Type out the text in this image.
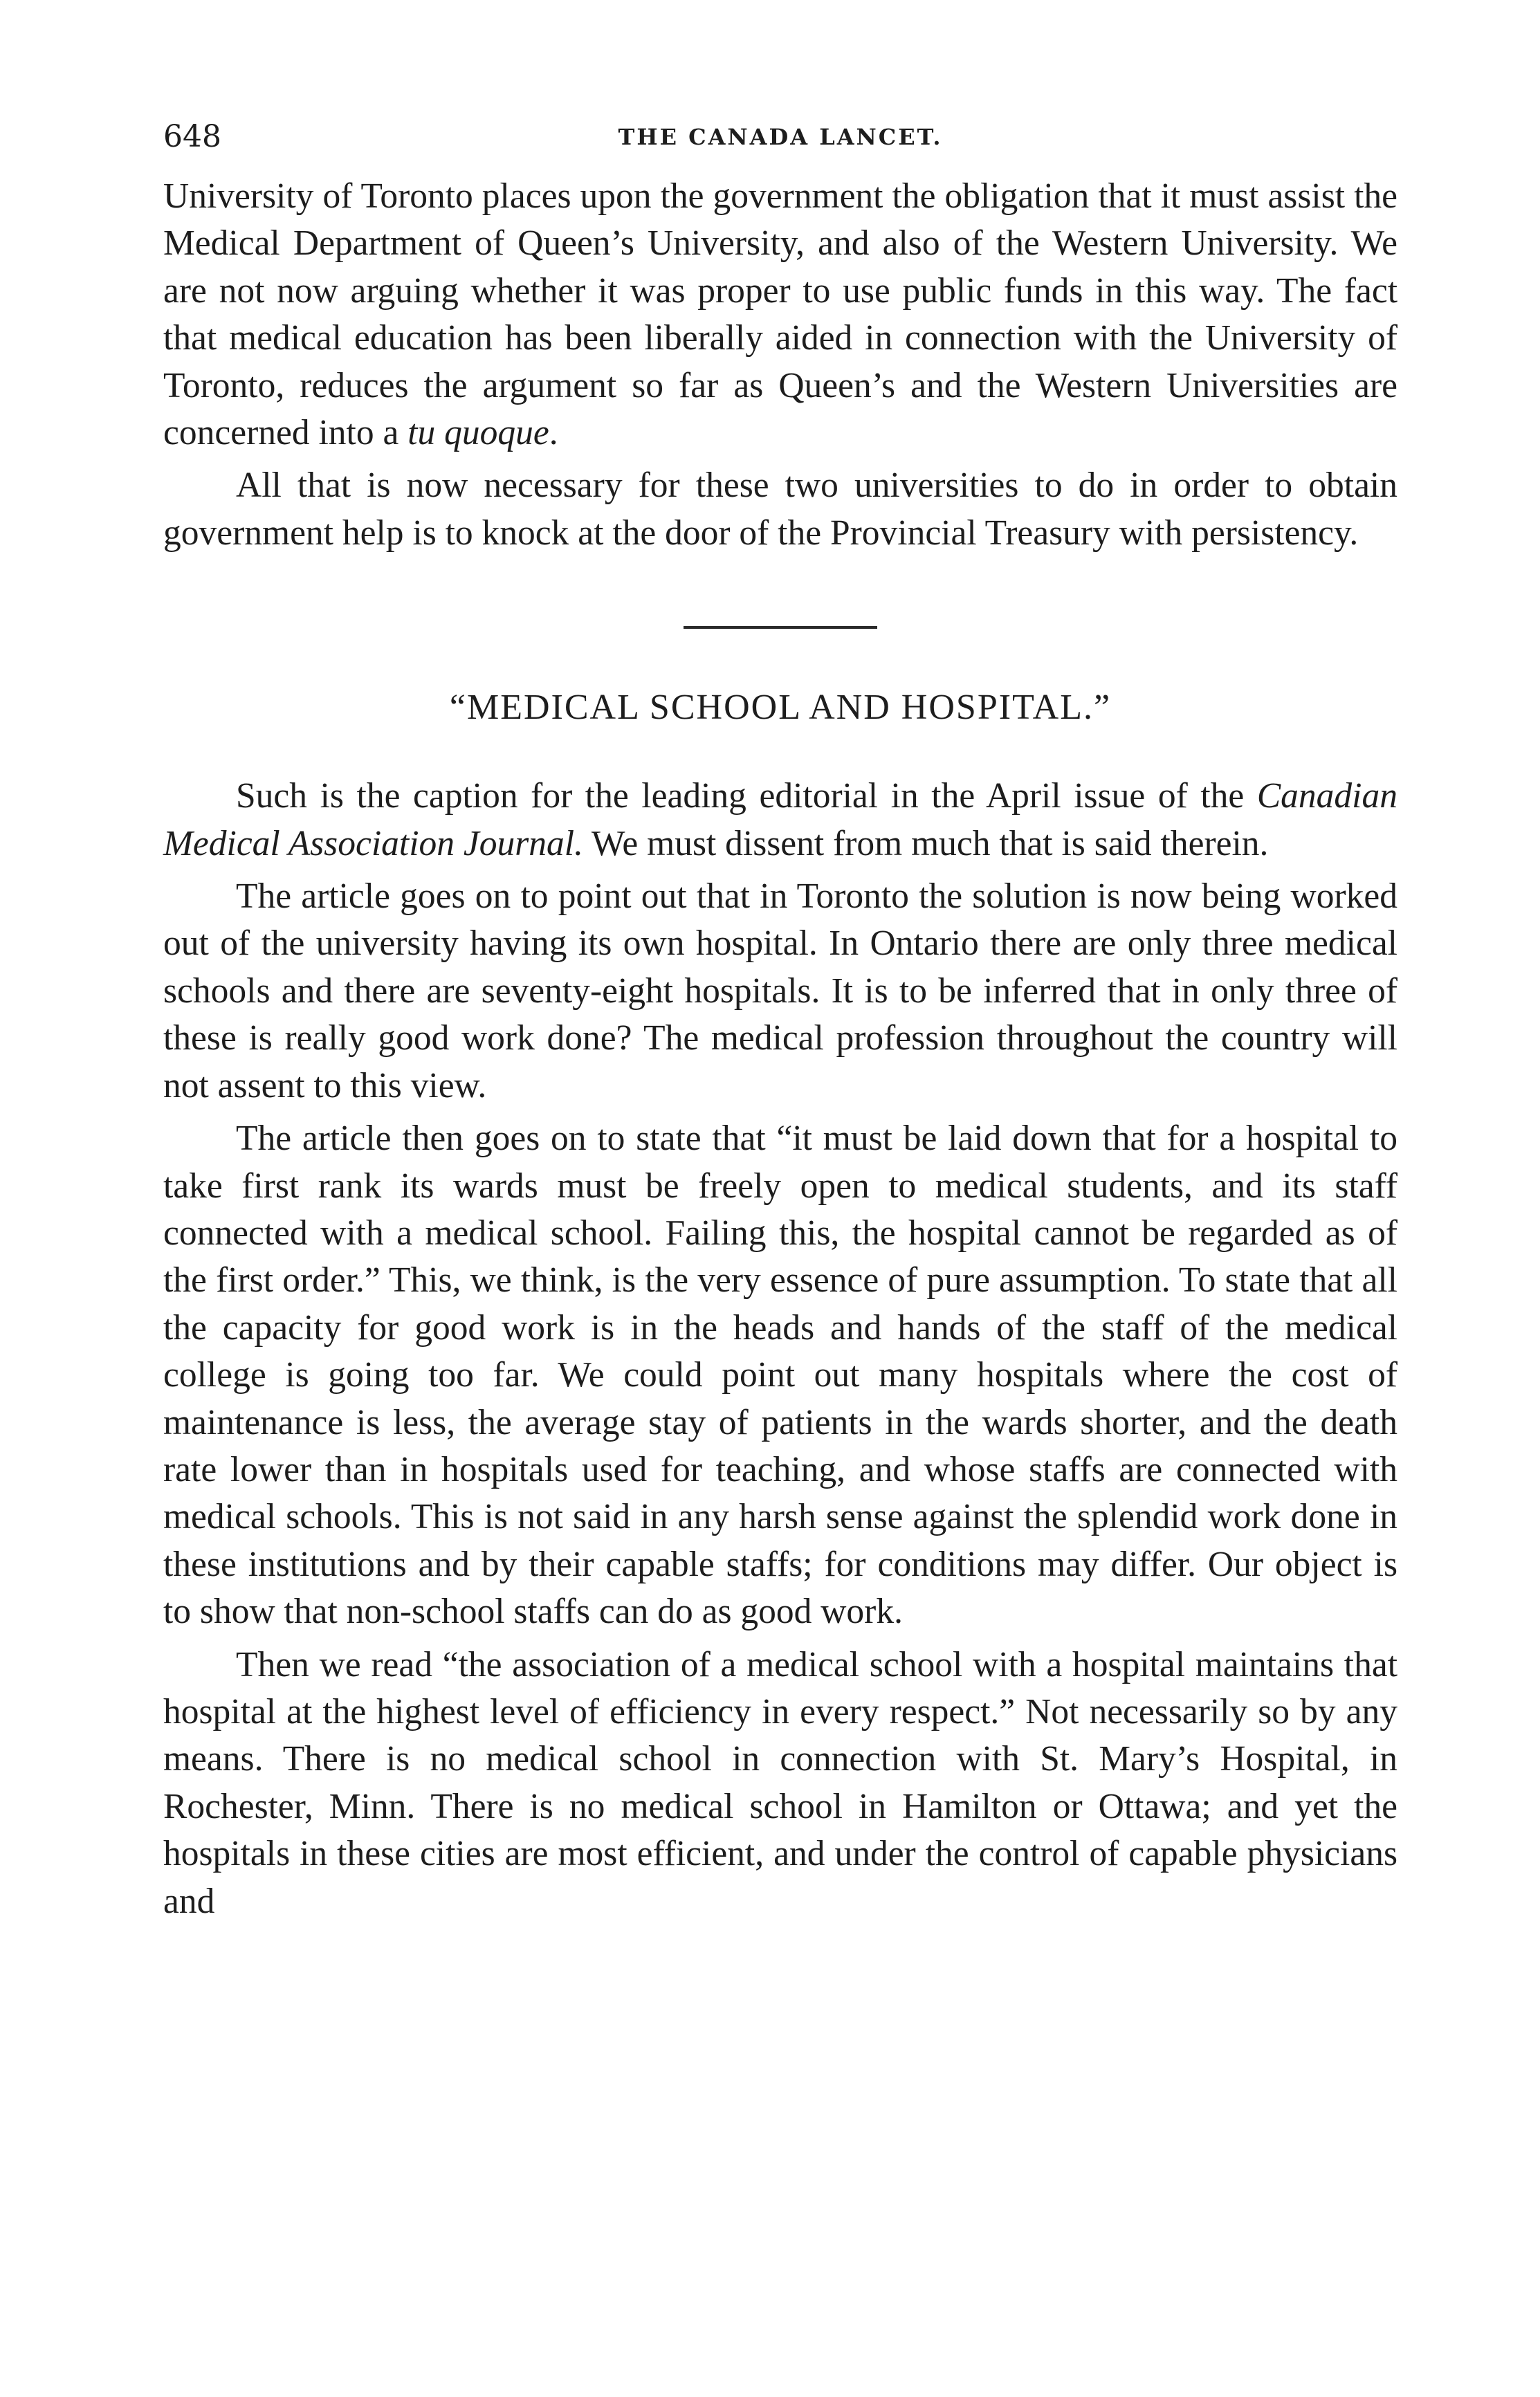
648	THE CANADA LANCET.

University of Toronto places upon the government the obligation that it must assist the Medical Department of Queen’s University, and also of the Western University. We are not now arguing whether it was proper to use public funds in this way. The fact that medical education has been liberally aided in connection with the University of Toronto, reduces the argument so far as Queen’s and the Western Universities are concerned into a tu quoque.

All that is now necessary for these two universities to do in order to obtain government help is to knock at the door of the Provincial Treasury with persistency.

“MEDICAL SCHOOL AND HOSPITAL.”

Such is the caption for the leading editorial in the April issue of the Canadian Medical Association Journal. We must dissent from much that is said therein.

The article goes on to point out that in Toronto the solution is now being worked out of the university having its own hospital. In Ontario there are only three medical schools and there are seventy-eight hospitals. It is to be inferred that in only three of these is really good work done? The medical profession throughout the country will not assent to this view.

The article then goes on to state that “it must be laid down that for a hospital to take first rank its wards must be freely open to medical students, and its staff connected with a medical school. Failing this, the hospital cannot be regarded as of the first order.” This, we think, is the very essence of pure assumption. To state that all the capacity for good work is in the heads and hands of the staff of the medical college is going too far. We could point out many hospitals where the cost of maintenance is less, the average stay of patients in the wards shorter, and the death rate lower than in hospitals used for teaching, and whose staffs are connected with medical schools. This is not said in any harsh sense against the splendid work done in these institutions and by their capable staffs; for conditions may differ. Our object is to show that non-school staffs can do as good work.

Then we read “the association of a medical school with a hospital maintains that hospital at the highest level of efficiency in every respect.” Not necessarily so by any means. There is no medical school in connection with St. Mary’s Hospital, in Rochester, Minn. There is no medical school in Hamilton or Ottawa; and yet the hospitals in these cities are most efficient, and under the control of capable physicians and
